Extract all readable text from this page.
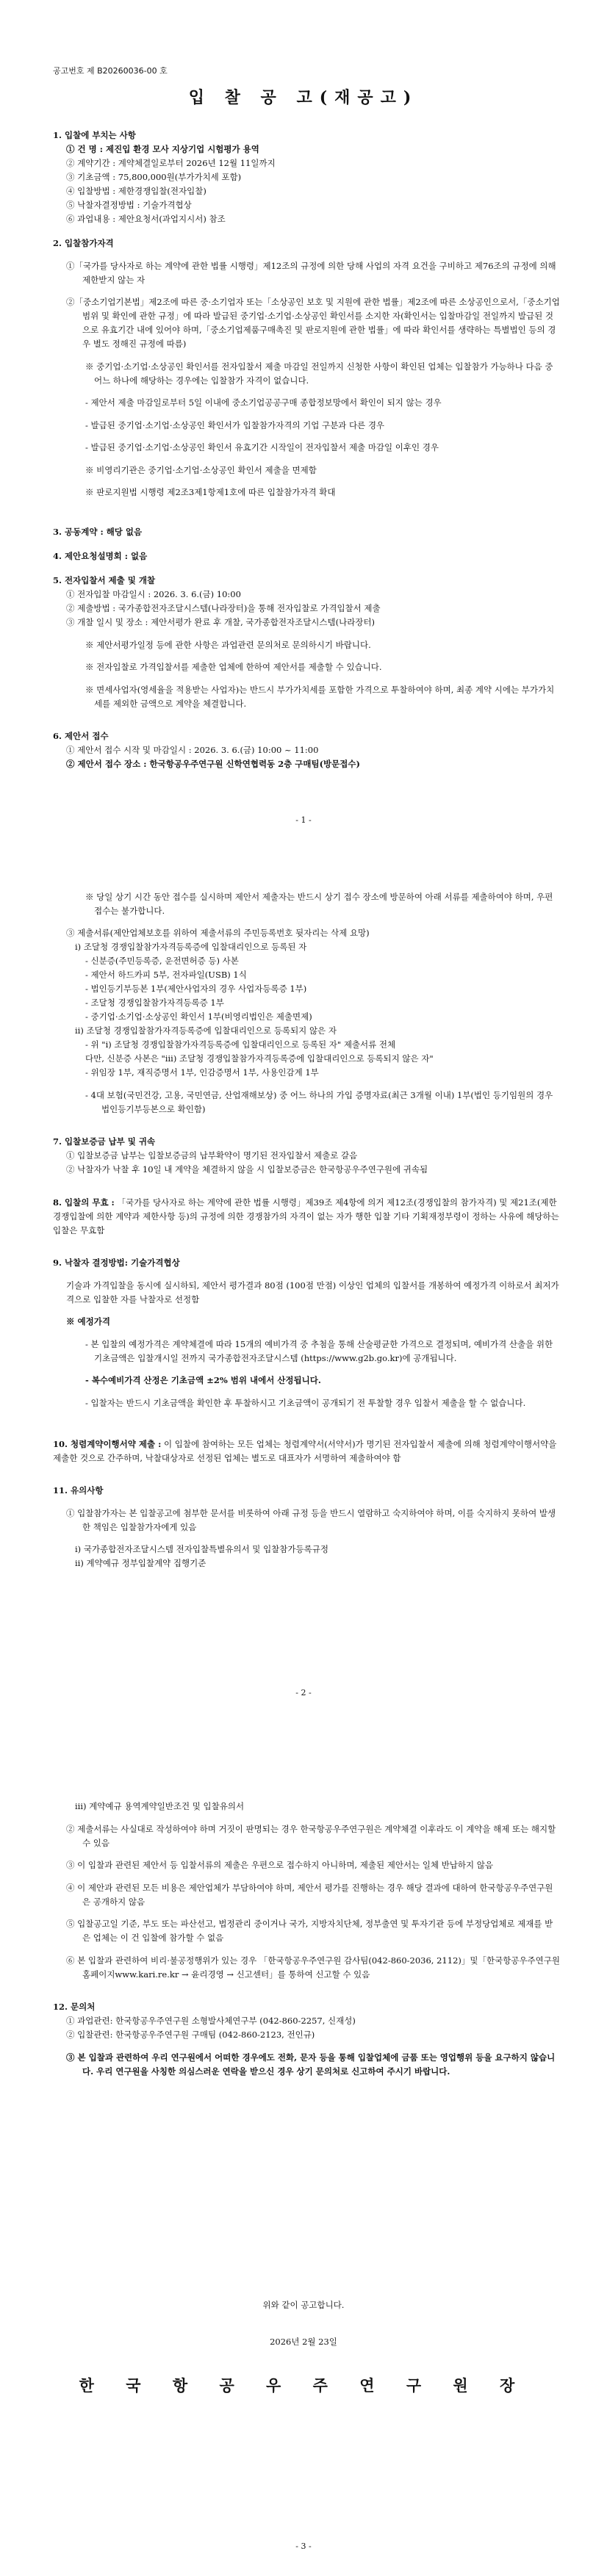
공고번호 제 B20260036-00 호
입 찰 공 고(재공고)

1. 입찰에 부치는 사항

① 건 명 : 제진입 환경 모사 지상기업 시험평가 용역

② 계약기간 : 계약체결일로부터 2026년 12월 11일까지

③ 기초금액 : 75,800,000원(부가가치세 포함)

④ 입찰방법 : 제한경쟁입찰(전자입찰)

⑤ 낙찰자결정방법 : 기술가격협상

⑥ 과업내용 : 제안요청서(과업지시서) 참조

2. 입찰참가자격

①「국가를 당사자로 하는 계약에 관한 법률 시행령」제12조의 규정에 의한 당해 사업의 자격 요건을 구비하고 제76조의 규정에 의해 제한받지 않는 자

②「중소기업기본법」제2조에 따른 중·소기업자 또는「소상공인 보호 및 지원에 관한 법률」제2조에 따른 소상공인으로서,「중소기업 범위 및 확인에 관한 규정」에 따라 발급된 중기업·소기업·소상공인 확인서를 소지한 자(확인서는 입찰마감일 전일까지 발급된 것으로 유효기간 내에 있어야 하며,「중소기업제품구매촉진 및 판로지원에 관한 법률」에 따라 확인서를 생략하는 특별법인 등의 경우 별도 정해진 규정에 따름)

※ 중기업·소기업·소상공인 확인서를 전자입찰서 제출 마감일 전일까지 신청한 사항이 확인된 업체는 입찰참가 가능하나 다음 중 어느 하나에 해당하는 경우에는 입찰참가 자격이 없습니다.

- 제안서 제출 마감일로부터 5일 이내에 중소기업공공구매 종합정보망에서 확인이 되지 않는 경우

- 발급된 중기업·소기업·소상공인 확인서가 입찰참가자격의 기업 구분과 다른 경우

- 발급된 중기업·소기업·소상공인 확인서 유효기간 시작일이 전자입찰서 제출 마감일 이후인 경우

※ 비영리기관은 중기업·소기업·소상공인 확인서 제출을 면제함

※ 판로지원법 시행령 제2조3제1항제1호에 따른 입찰참가자격 확대

3. 공동계약 : 해당 없음

4. 제안요청설명회 : 없음

5. 전자입찰서 제출 및 개찰

① 전자입찰 마감일시 : 2026. 3. 6.(금) 10:00

② 제출방법 : 국가종합전자조달시스템(나라장터)을 통해 전자입찰로 가격입찰서 제출

③ 개찰 일시 및 장소 : 제안서평가 완료 후 개찰, 국가종합전자조달시스템(나라장터)

※ 제안서평가일정 등에 관한 사항은 과업관련 문의처로 문의하시기 바랍니다.

※ 전자입찰로 가격입찰서를 제출한 업체에 한하여 제안서를 제출할 수 있습니다.

※ 면세사업자(영세율을 적용받는 사업자)는 반드시 부가가치세를 포함한 가격으로 투찰하여야 하며, 최종 계약 시에는 부가가치세를 제외한 금액으로 계약을 체결합니다.

6. 제안서 접수

① 제안서 접수 시작 및 마감일시 : 2026. 3. 6.(금) 10:00 ~ 11:00

② 제안서 접수 장소 : 한국항공우주연구원 신학연협력동 2층 구매팀(방문접수)

- 1 -

※ 당일 상기 시간 동안 접수를 실시하며 제안서 제출자는 반드시 상기 접수 장소에 방문하여 아래 서류를 제출하여야 하며, 우편접수는 불가합니다.

③ 제출서류(제안업체보호를 위하여 제출서류의 주민등록번호 뒷자리는 삭제 요망)

ⅰ) 조달청 경쟁입찰참가자격등록증에 입찰대리인으로 등록된 자

- 신분증(주민등록증, 운전면허증 등) 사본

- 제안서 하드카피 5부, 전자파일(USB) 1식

- 법인등기부등본 1부(제안사업자의 경우 사업자등록증 1부)

- 조달청 경쟁입찰참가자격등록증 1부

- 중기업·소기업·소상공인 확인서 1부(비영리법인은 제출면제)

ⅱ) 조달청 경쟁입찰참가자격등록증에 입찰대리인으로 등록되지 않은 자

- 위 "ⅰ) 조달청 경쟁입찰참가자격등록증에 입찰대리인으로 등록된 자" 제출서류 전체

다만, 신분증 사본은 "ⅲ) 조달청 경쟁입찰참가자격등록증에 입찰대리인으로 등록되지 않은 자"

- 위임장 1부, 재직증명서 1부, 인감증명서 1부, 사용인감계 1부

- 4대 보험(국민건강, 고용, 국민연금, 산업재해보상) 중 어느 하나의 가입 증명자료(최근 3개월 이내) 1부(법인 등기임원의 경우 법인등기부등본으로 확인함)

7. 입찰보증금 납부 및 귀속

① 입찰보증금 납부는 입찰보증금의 납부확약이 명기된 전자입찰서 제출로 갈음

② 낙찰자가 낙찰 후 10일 내 계약을 체결하지 않을 시 입찰보증금은 한국항공우주연구원에 귀속됨

8. 입찰의 무효 : 「국가를 당사자로 하는 계약에 관한 법률 시행령」제39조 제4항에 의거 제12조(경쟁입찰의 참가자격) 및 제21조(제한경쟁입찰에 의한 계약과 제한사항 등)의 규정에 의한 경쟁참가의 자격이 없는 자가 행한 입찰 기타 기획재정부령이 정하는 사유에 해당하는 입찰은 무효함

9. 낙찰자 결정방법: 기술가격협상

기술과 가격입찰을 동시에 실시하되, 제안서 평가결과 80점 (100점 만점) 이상인 업체의 입찰서를 개봉하여 예정가격 이하로서 최저가격으로 입찰한 자를 낙찰자로 선정함

※ 예정가격

- 본 입찰의 예정가격은 계약체결에 따라 15개의 예비가격 중 추첨을 통해 산술평균한 가격으로 결정되며, 예비가격 산출을 위한 기초금액은 입찰개시일 전까지 국가종합전자조달시스템 (https://www.g2b.go.kr)에 공개됩니다.

- 복수예비가격 산정은 기초금액 ±2% 범위 내에서 산정됩니다.

- 입찰자는 반드시 기초금액을 확인한 후 투찰하시고 기초금액이 공개되기 전 투찰할 경우 입찰서 제출을 할 수 없습니다.

10. 청렴계약이행서약 제출 : 이 입찰에 참여하는 모든 업체는 청렴계약서(서약서)가 명기된 전자입찰서 제출에 의해 청렴계약이행서약을 제출한 것으로 간주하며, 낙찰대상자로 선정된 업체는 별도로 대표자가 서명하여 제출하여야 함

11. 유의사항

① 입찰참가자는 본 입찰공고에 첨부한 문서를 비롯하여 아래 규정 등을 반드시 열람하고 숙지하여야 하며, 이를 숙지하지 못하여 발생한 책임은 입찰참가자에게 있음

ⅰ) 국가종합전자조달시스템 전자입찰특별유의서 및 입찰참가등록규정

ⅱ) 계약예규 정부입찰계약 집행기준

- 2 -

ⅲ) 계약예규 용역계약일반조건 및 입찰유의서

② 제출서류는 사실대로 작성하여야 하며 거짓이 판명되는 경우 한국항공우주연구원은 계약체결 이후라도 이 계약을 해제 또는 해지할 수 있음

③ 이 입찰과 관련된 제안서 등 입찰서류의 제출은 우편으로 접수하지 아니하며, 제출된 제안서는 일체 반납하지 않음

④ 이 제안과 관련된 모든 비용은 제안업체가 부담하여야 하며, 제안서 평가를 진행하는 경우 해당 결과에 대하여 한국항공우주연구원은 공개하지 않음

⑤ 입찰공고일 기준, 부도 또는 파산선고, 법정관리 중이거나 국가, 지방자치단체, 정부출연 및 투자기관 등에 부정당업체로 제재를 받은 업체는 이 건 입찰에 참가할 수 없음

⑥ 본 입찰과 관련하여 비리·불공정행위가 있는 경우 「한국항공우주연구원 감사팀(042-860-2036, 2112)」및「한국항공우주연구원 홈페이지www.kari.re.kr → 윤리경영 → 신고센터」를 통하여 신고할 수 있음

12. 문의처

① 과업관련: 한국항공우주연구원 소형발사체연구부 (042-860-2257, 신재성)

② 입찰관련: 한국항공우주연구원 구매팀 (042-860-2123, 전인규)

③ 본 입찰과 관련하여 우리 연구원에서 어떠한 경우에도 전화, 문자 등을 통해 입찰업체에 금품 또는 영업행위 등을 요구하지 않습니다. 우리 연구원을 사칭한 의심스러운 연락을 받으신 경우 상기 문의처로 신고하여 주시기 바랍니다.

위와 같이 공고합니다.
2026년 2월 23일
한 국 항 공 우 주 연 구 원 장
- 3 -
